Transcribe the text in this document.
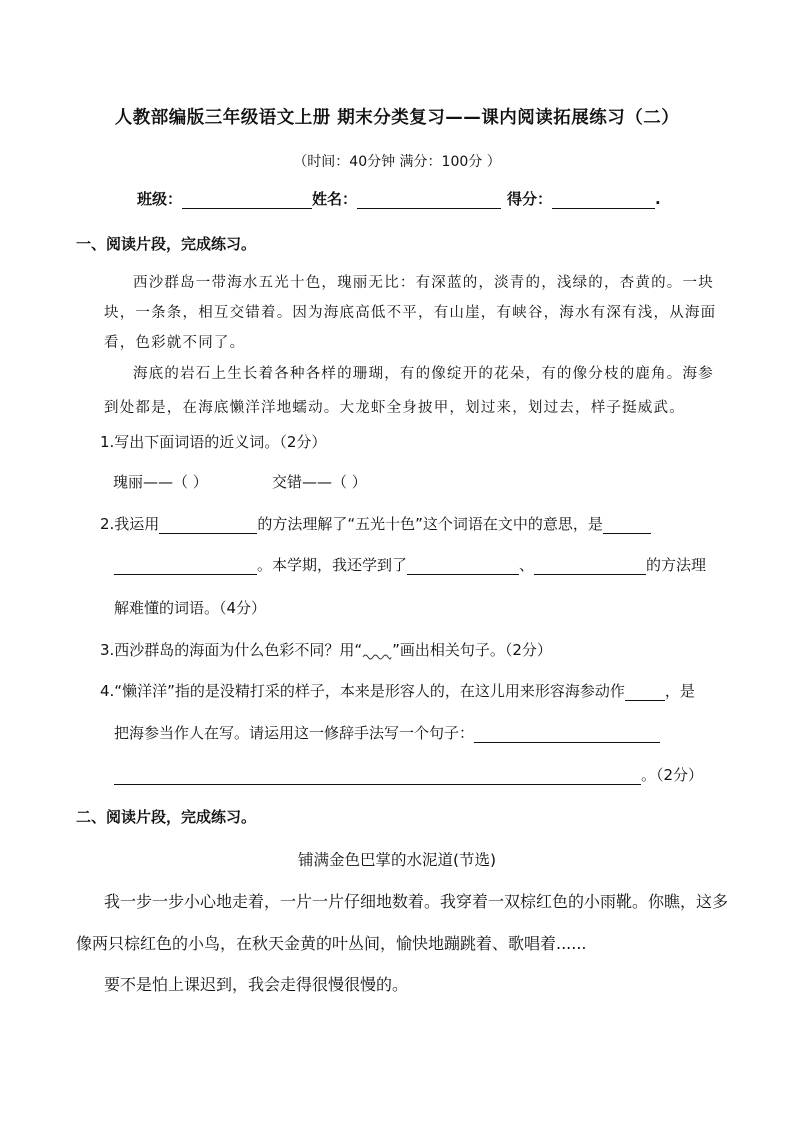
人教部编版三年级语文上册 期末分类复习——课内阅读拓展练习（二）
（时间：40分钟 满分：100分 ）
班级：	姓名：	得分：	.
一、阅读片段，完成练习。
西沙群岛一带海水五光十色，瑰丽无比：有深蓝的，淡青的，浅绿的，杏黄的。一块
块，一条条，相互交错着。因为海底高低不平，有山崖，有峡谷，海水有深有浅，从海面
看，色彩就不同了。
海底的岩石上生长着各种各样的珊瑚，有的像绽开的花朵，有的像分枝的鹿角。海参
到处都是，在海底懒洋洋地蠕动。大龙虾全身披甲，划过来，划过去，样子挺威武。
1.写出下面词语的近义词。（2分）
瑰丽——（ ）	交错——（ ）
2.我运用	的方法理解了“五光十色”这个词语在文中的意思，是
。本学期，我还学到了	、	的方法理
解难懂的词语。（4分）
3.西沙群岛的海面为什么色彩不同？用“ ”画出相关句子。（2分）
4.“懒洋洋”指的是没精打采的样子，本来是形容人的，在这儿用来形容海参动作	，是
把海参当作人在写。请运用这一修辞手法写一个句子：
。（2分）
二、阅读片段，完成练习。
铺满金色巴掌的水泥道(节选)
我一步一步小心地走着，一片一片仔细地数着。我穿着一双棕红色的小雨靴。你瞧，这多
像两只棕红色的小鸟，在秋天金黄的叶丛间，愉快地蹦跳着、歌唱着......
要不是怕上课迟到，我会走得很慢很慢的。
